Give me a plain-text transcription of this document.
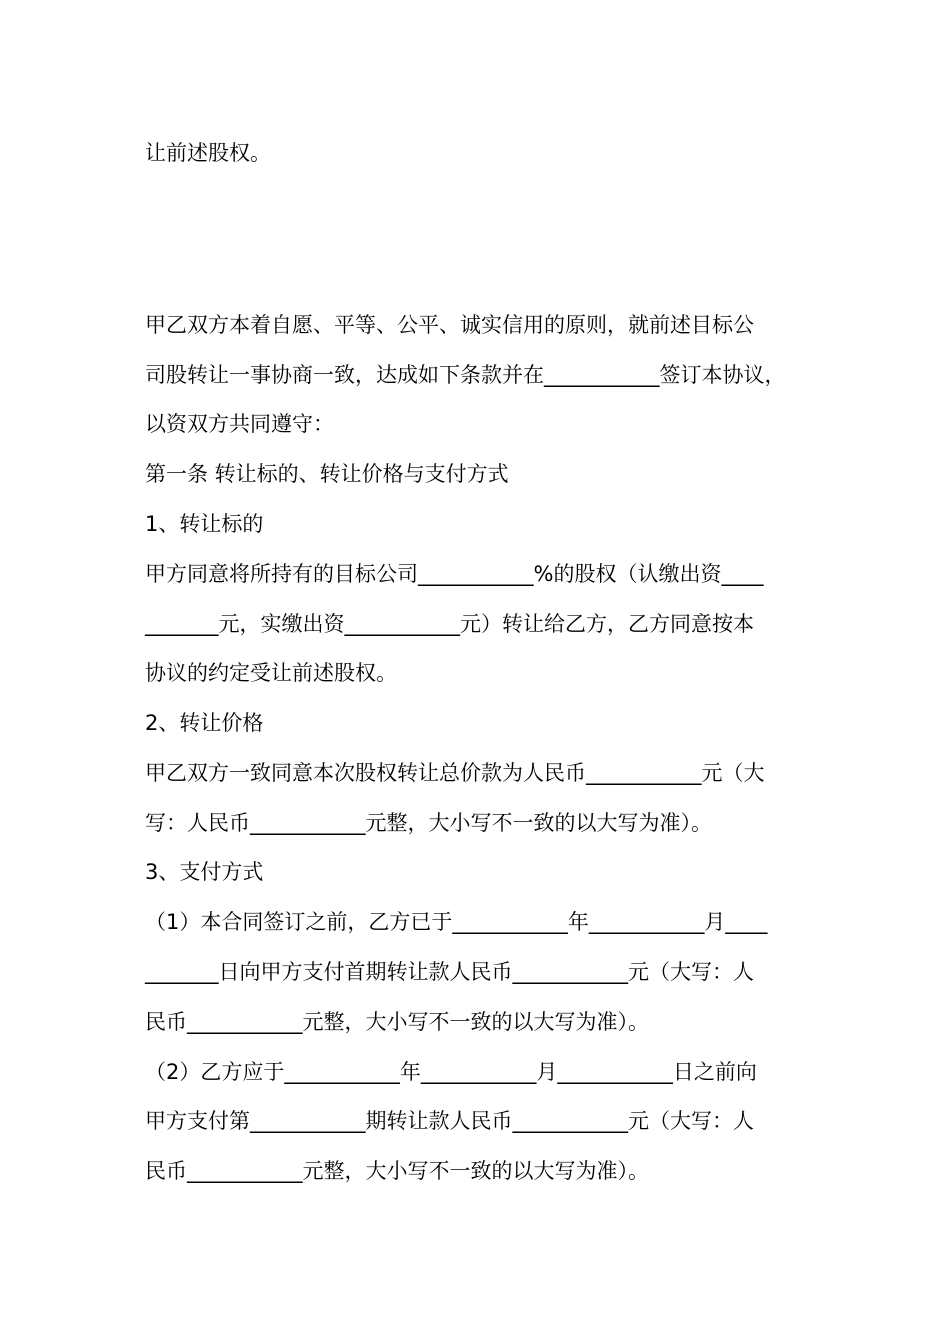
让前述股权。

甲乙双方本着自愿、平等、公平、诚实信用的原则，就前述目标公

司股转让一事协商一致，达成如下条款并在___________签订本协议，

以资双方共同遵守：

第一条 转让标的、转让价格与支付方式

1、转让标的

甲方同意将所持有的目标公司___________%的股权（认缴出资____

_______元，实缴出资___________元）转让给乙方，乙方同意按本

协议的约定受让前述股权。

2、转让价格

甲乙双方一致同意本次股权转让总价款为人民币___________元（大

写：人民币___________元整，大小写不一致的以大写为准）。

3、支付方式

（1）本合同签订之前，乙方已于___________年___________月____

_______日向甲方支付首期转让款人民币___________元（大写：人

民币___________元整，大小写不一致的以大写为准）。

（2）乙方应于___________年___________月___________日之前向

甲方支付第___________期转让款人民币___________元（大写：人

民币___________元整，大小写不一致的以大写为准）。
